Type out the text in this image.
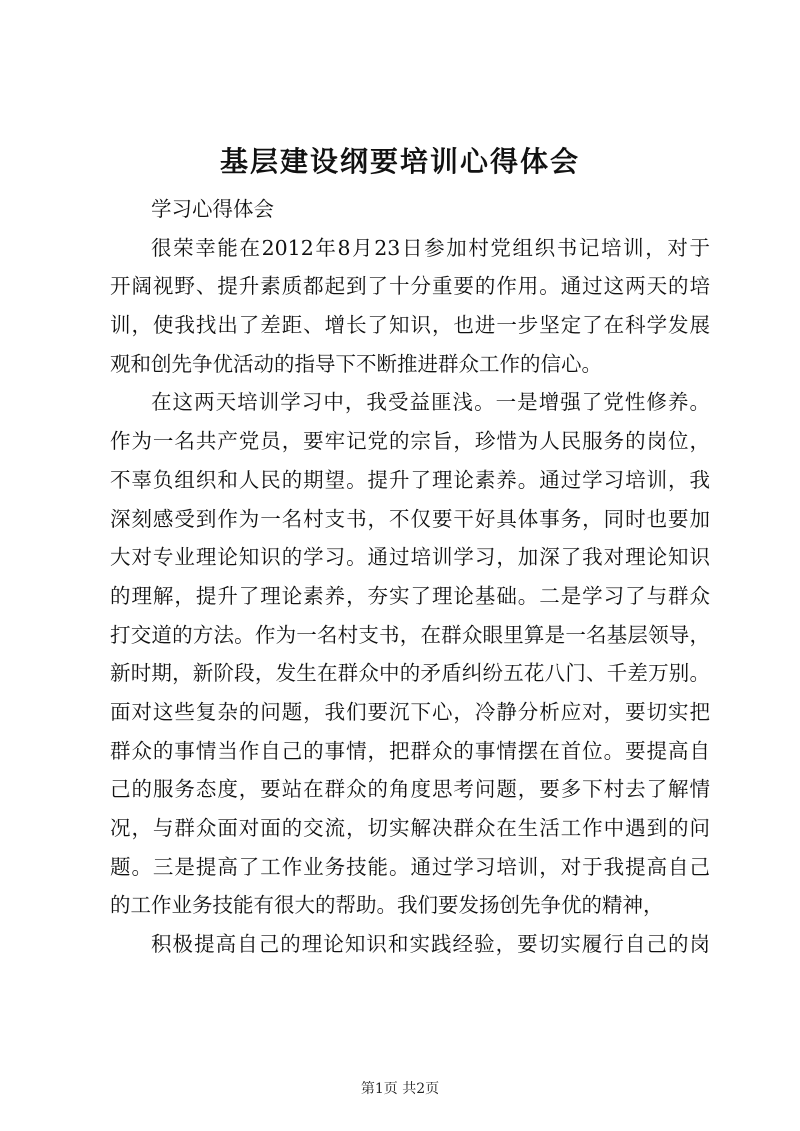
基层建设纲要培训心得体会
学习心得体会
很荣幸能在2012年8月23日参加村党组织书记培训，对于
开阔视野、提升素质都起到了十分重要的作用。通过这两天的培
训，使我找出了差距、增长了知识，也进一步坚定了在科学发展
观和创先争优活动的指导下不断推进群众工作的信心。
在这两天培训学习中，我受益匪浅。一是增强了党性修养。
作为一名共产党员，要牢记党的宗旨，珍惜为人民服务的岗位，
不辜负组织和人民的期望。提升了理论素养。通过学习培训，我
深刻感受到作为一名村支书，不仅要干好具体事务，同时也要加
大对专业理论知识的学习。通过培训学习，加深了我对理论知识
的理解，提升了理论素养，夯实了理论基础。二是学习了与群众
打交道的方法。作为一名村支书，在群众眼里算是一名基层领导，
新时期，新阶段，发生在群众中的矛盾纠纷五花八门、千差万别。
面对这些复杂的问题，我们要沉下心，冷静分析应对，要切实把
群众的事情当作自己的事情，把群众的事情摆在首位。要提高自
己的服务态度，要站在群众的角度思考问题，要多下村去了解情
况，与群众面对面的交流，切实解决群众在生活工作中遇到的问
题。三是提高了工作业务技能。通过学习培训，对于我提高自己
的工作业务技能有很大的帮助。我们要发扬创先争优的精神，
积极提高自己的理论知识和实践经验，要切实履行自己的岗
第1页 共2页
